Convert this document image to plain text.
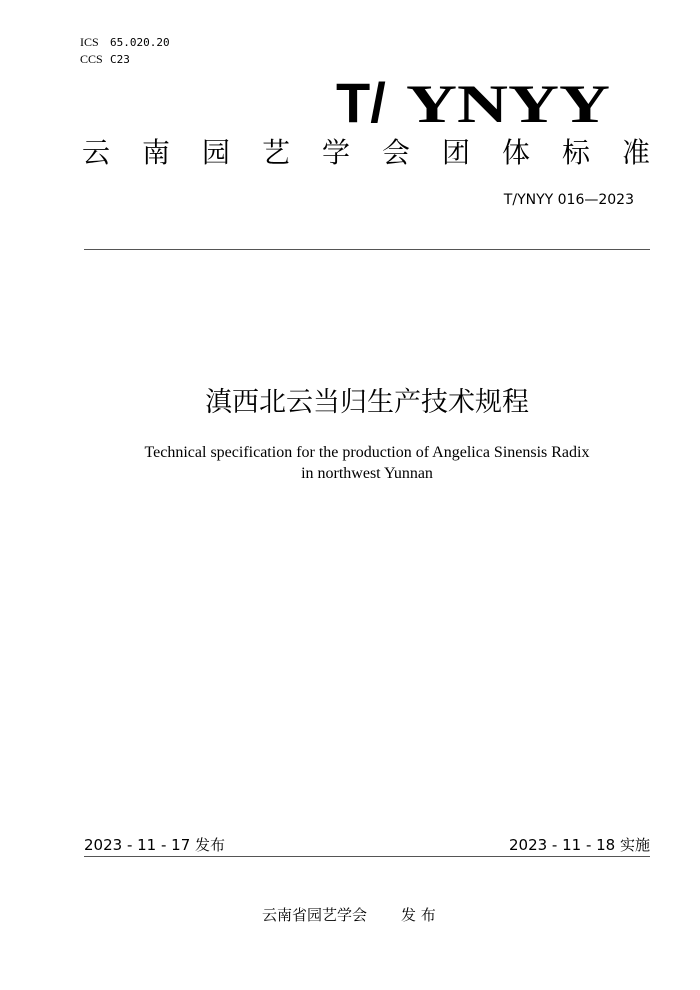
ICS	65.020.20
CCS C23
T/ YNYY
云	南	园	艺	学	会	团	体	标	准
T/YNYY 016—2023
滇西北云当归生产技术规程
Technical specification for the production of Angelica Sinensis Radix
in northwest Yunnan
2023 - 11 - 17 发布	2023 - 11 - 18 实施
云南省园艺学会 发 布
